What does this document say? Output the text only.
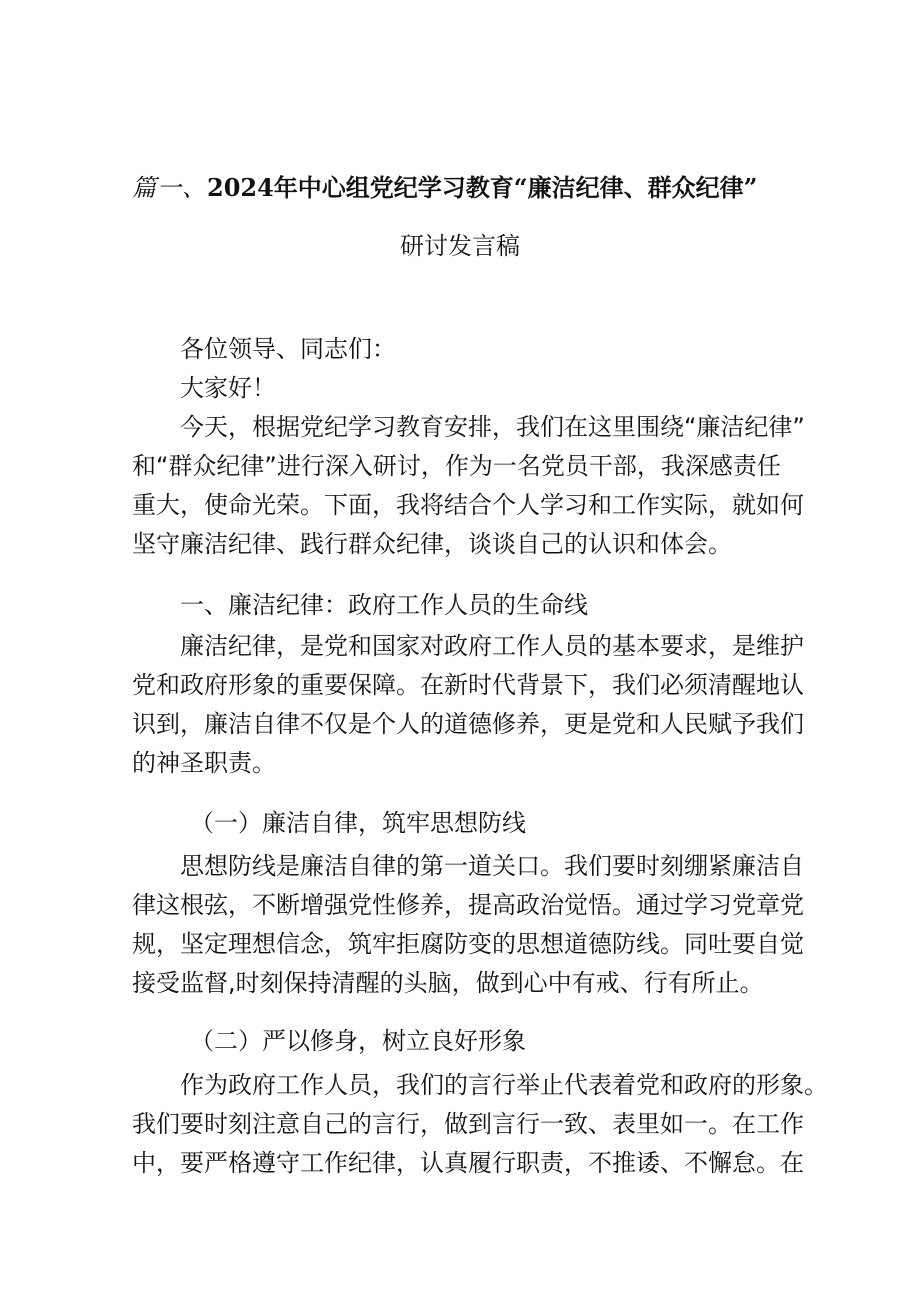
篇一、2024年中心组党纪学习教育“廉洁纪律、群众纪律”
研讨发言稿
各位领导、同志们：
大家好！
今天，根据党纪学习教育安排，我们在这里围绕“廉洁纪律”
和“群众纪律”进行深入研讨，作为一名党员干部，我深感责任
重大，使命光荣。下面，我将结合个人学习和工作实际，就如何
坚守廉洁纪律、践行群众纪律，谈谈自己的认识和体会。
一、廉洁纪律：政府工作人员的生命线
廉洁纪律，是党和国家对政府工作人员的基本要求，是维护
党和政府形象的重要保障。在新时代背景下，我们必须清醒地认
识到，廉洁自律不仅是个人的道德修养，更是党和人民赋予我们
的神圣职责。
（一）廉洁自律，筑牢思想防线
思想防线是廉洁自律的第一道关口。我们要时刻绷紧廉洁自
律这根弦，不断增强党性修养，提高政治觉悟。通过学习党章党
规，坚定理想信念，筑牢拒腐防变的思想道德防线。同吐要自觉
接受监督,时刻保持清醒的头脑，做到心中有戒、行有所止。
（二）严以修身，树立良好形象
作为政府工作人员，我们的言行举止代表着党和政府的形象。
我们要时刻注意自己的言行，做到言行一致、表里如一。在工作
中，要严格遵守工作纪律，认真履行职责，不推诿、不懈怠。在
